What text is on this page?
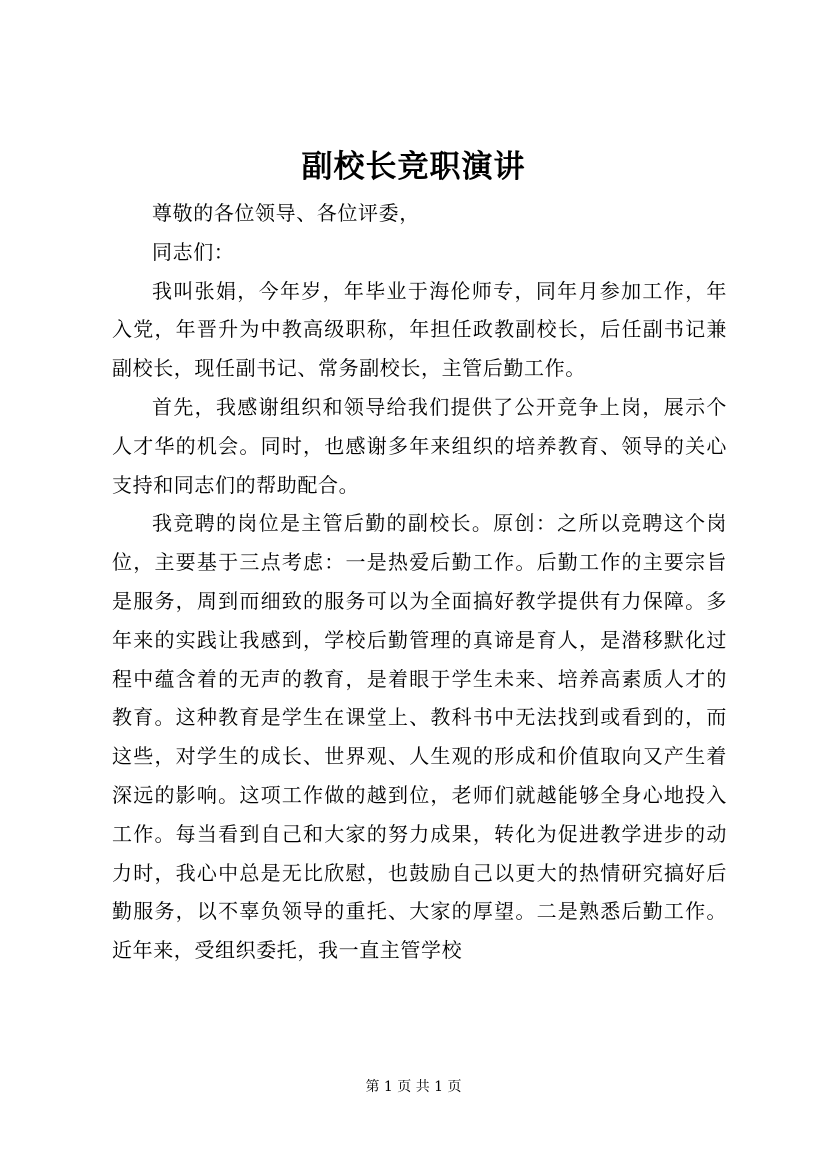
副校长竞职演讲

尊敬的各位领导、各位评委，

同志们：

我叫张娟，今年岁，年毕业于海伦师专，同年月参加工作，年入党，年晋升为中教高级职称，年担任政教副校长，后任副书记兼副校长，现任副书记、常务副校长，主管后勤工作。

首先，我感谢组织和领导给我们提供了公开竞争上岗，展示个人才华的机会。同时，也感谢多年来组织的培养教育、领导的关心支持和同志们的帮助配合。

我竞聘的岗位是主管后勤的副校长。原创：之所以竞聘这个岗位，主要基于三点考虑：一是热爱后勤工作。后勤工作的主要宗旨是服务，周到而细致的服务可以为全面搞好教学提供有力保障。多年来的实践让我感到，学校后勤管理的真谛是育人，是潜移默化过程中蕴含着的无声的教育，是着眼于学生未来、培养高素质人才的教育。这种教育是学生在课堂上、教科书中无法找到或看到的，而这些，对学生的成长、世界观、人生观的形成和价值取向又产生着深远的影响。这项工作做的越到位，老师们就越能够全身心地投入工作。每当看到自己和大家的努力成果，转化为促进教学进步的动力时，我心中总是无比欣慰，也鼓励自己以更大的热情研究搞好后勤服务，以不辜负领导的重托、大家的厚望。二是熟悉后勤工作。近年来，受组织委托，我一直主管学校

第 1 页 共 1 页
